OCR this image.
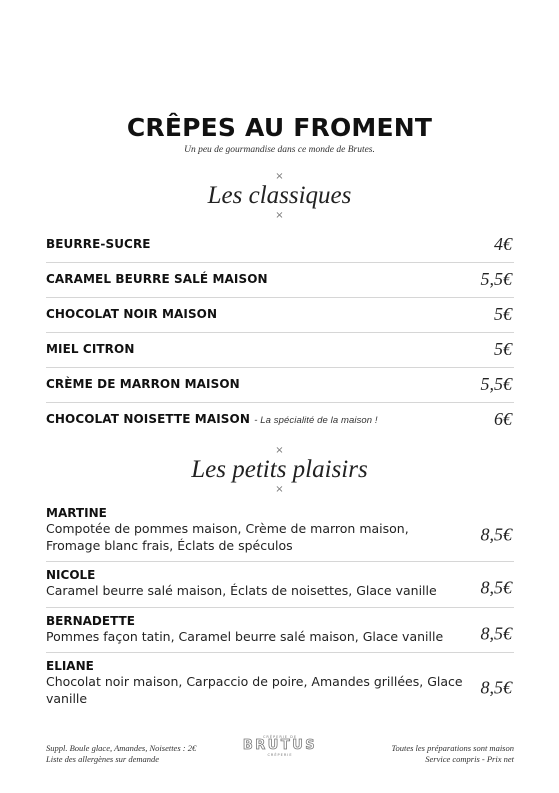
CRÊPES AU FROMENT
Un peu de gourmandise dans ce monde de Brutes.
×
Les classiques
×
BEURRE-SUCRE	4€
CARAMEL BEURRE SALÉ MAISON	5,5€
CHOCOLAT NOIR MAISON	5€
MIEL CITRON	5€
CRÈME DE MARRON MAISON	5,5€
CHOCOLAT NOISETTE MAISON - La spécialité de la maison !	6€
×
Les petits plaisirs
×
MARTINE
Compotée de pommes maison, Crème de marron maison, Fromage blanc frais, Éclats de spéculos
8,5€
NICOLE
Caramel beurre salé maison, Éclats de noisettes, Glace vanille	8,5€
BERNADETTE
Pommes façon tatin, Caramel beurre salé maison, Glace vanille	8,5€
ELIANE
Chocolat noir maison, Carpaccio de poire, Amandes grillées, Glace vanille
8,5€
Suppl. Boule glace, Amandes, Noisettes : 2€
Liste des allergènes sur demande
CRÊPERIE DE
BRUTUS
CRÊPERIE
Toutes les préparations sont maison
Service compris - Prix net
